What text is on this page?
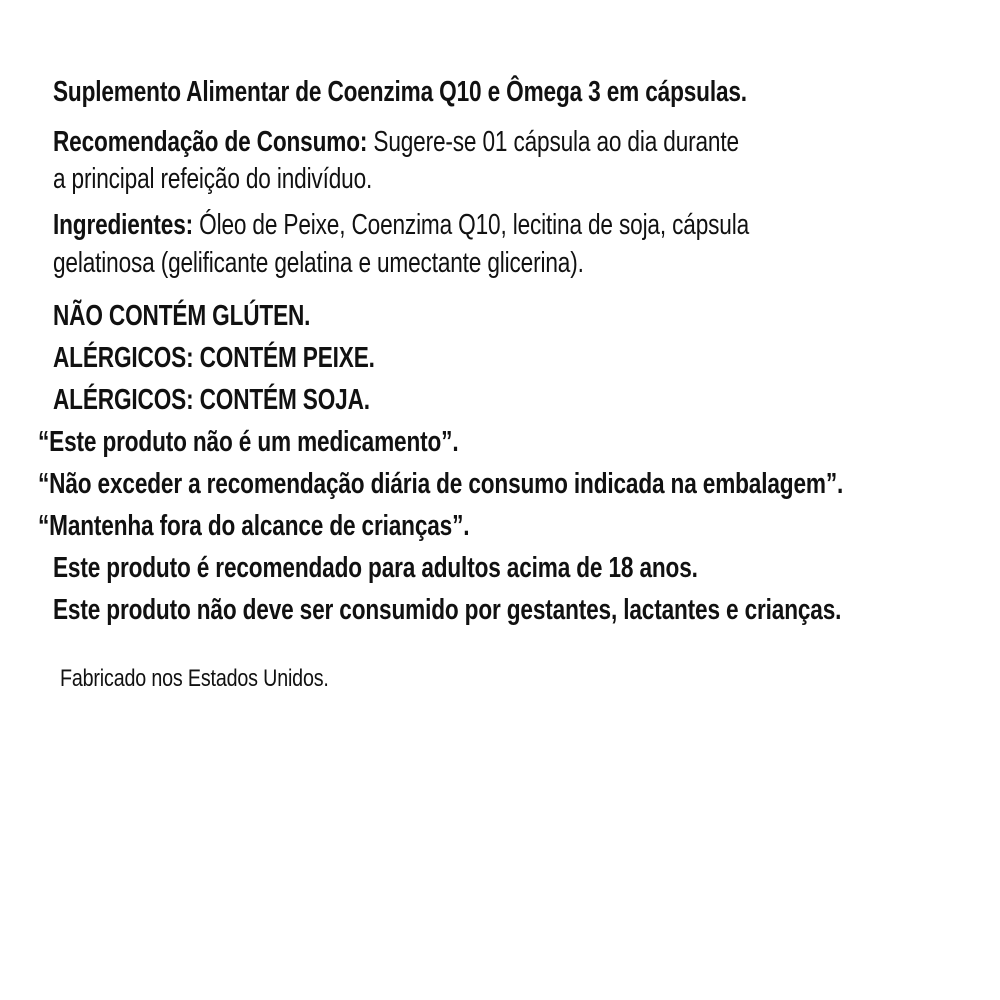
Suplemento Alimentar de Coenzima Q10 e Ômega 3 em cápsulas.
Recomendação de Consumo: Sugere-se 01 cápsula ao dia durante
a principal refeição do indivíduo.
Ingredientes: Óleo de Peixe, Coenzima Q10, lecitina de soja, cápsula
gelatinosa (gelificante gelatina e umectante glicerina).
NÃO CONTÉM GLÚTEN.
ALÉRGICOS: CONTÉM PEIXE.
ALÉRGICOS: CONTÉM SOJA.
“Este produto não é um medicamento”.
“Não exceder a recomendação diária de consumo indicada na embalagem”.
“Mantenha fora do alcance de crianças”.
Este produto é recomendado para adultos acima de 18 anos.
Este produto não deve ser consumido por gestantes, lactantes e crianças.
Fabricado nos Estados Unidos.
